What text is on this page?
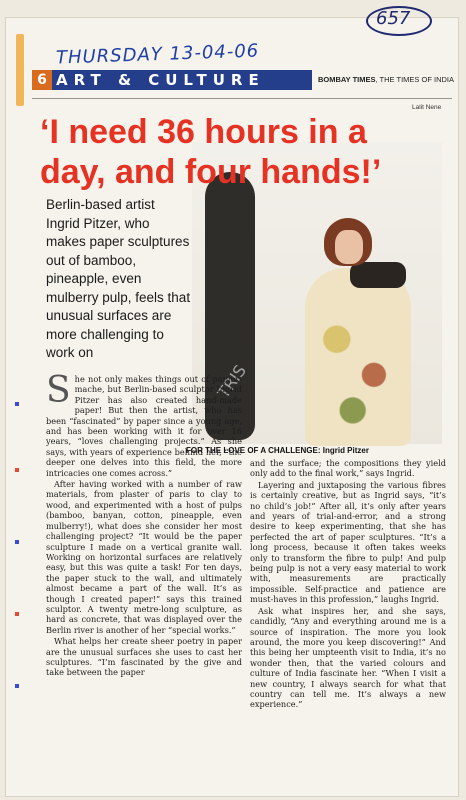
657
THURSDAY 13-04-06
6 ART & CULTURE	BOMBAY TIMES, THE TIMES OF INDIA
Lalit Nene
TRIS
‘I need 36 hours in a day, and four hands!’

Berlin-based artist Ingrid Pitzer, who makes paper sculptures out of bamboo, pineapple, even mulberry pulp, feels that unusual surfaces are more challenging to work on

FOR THE LOVE OF A CHALLENGE: Ingrid Pitzer
S he not only makes things out of papier-mache, but Berlin-based sculptor Ingrid Pitzer has also created hand-made paper! But then the artist, who has been “fascinated” by paper since a young age, and has been working with it for over 16 years, “loves challenging projects.” As she says, with years of experience behind her, “the deeper one delves into this field, the more intricacies one comes across.”

After having worked with a number of raw materials, from plaster of paris to clay to wood, and experimented with a host of pulps (bamboo, banyan, cotton, pineapple, even mulberry!), what does she consider her most challenging project? “It would be the paper sculpture I made on a vertical granite wall. Working on horizontal surfaces are relatively easy, but this was quite a task! For ten days, the paper stuck to the wall, and ultimately almost became a part of the wall. It’s as though I created paper!” says this trained sculptor. A twenty metre-long sculpture, as hard as concrete, that was displayed over the Berlin river is another of her “special works.”

What helps her create sheer poetry in paper are the unusual surfaces she uses to cast her sculptures. “I’m fascinated by the give and take between the paper

and the surface; the compositions they yield only add to the final work,” says Ingrid.

Layering and juxtaposing the various fibres is certainly creative, but as Ingrid says, “it’s no child’s job!” After all, it’s only after years and years of trial-and-error, and a strong desire to keep experimenting, that she has perfected the art of paper sculptures. “It’s a long process, because it often takes weeks only to transform the fibre to pulp! And pulp being pulp is not a very easy material to work with, measurements are practically impossible. Self-practice and patience are must-haves in this profession,” laughs Ingrid.

Ask what inspires her, and she says, candidly, “Any and everything around me is a source of inspiration. The more you look around, the more you keep discovering!” And this being her umpteenth visit to India, it’s no wonder then, that the varied colours and culture of India fascinate her. “When I visit a new country, I always search for what that country can tell me. It’s always a new experience.”
